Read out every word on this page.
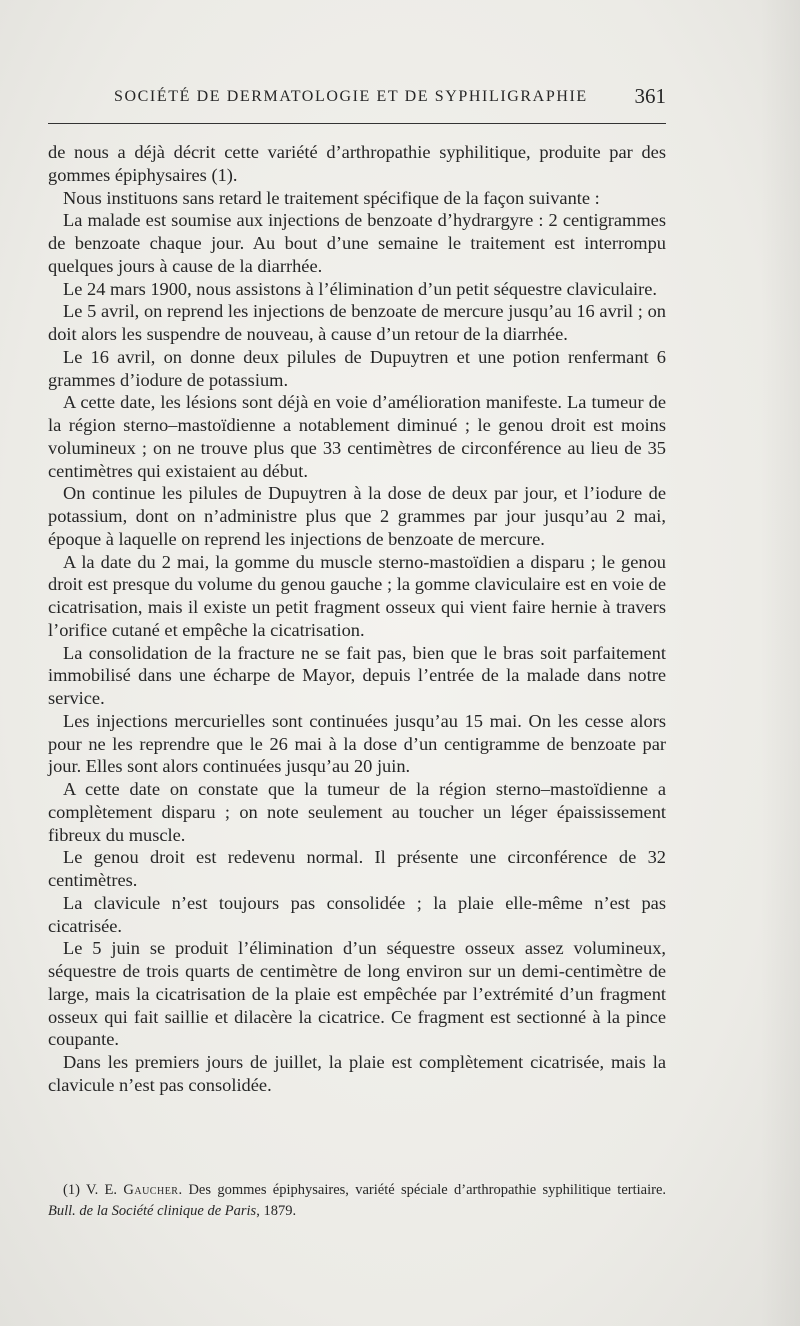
SOCIÉTÉ DE DERMATOLOGIE ET DE SYPHILIGRAPHIE 361

de nous a déjà décrit cette variété d’arthropathie syphilitique, produite par des gommes épiphysaires (1).

Nous instituons sans retard le traitement spécifique de la façon suivante :

La malade est soumise aux injections de benzoate d’hydrargyre : 2 centigrammes de benzoate chaque jour. Au bout d’une semaine le traitement est interrompu quelques jours à cause de la diarrhée.

Le 24 mars 1900, nous assistons à l’élimination d’un petit séquestre claviculaire.

Le 5 avril, on reprend les injections de benzoate de mercure jusqu’au 16 avril ; on doit alors les suspendre de nouveau, à cause d’un retour de la diarrhée.

Le 16 avril, on donne deux pilules de Dupuytren et une potion renfermant 6 grammes d’iodure de potassium.

A cette date, les lésions sont déjà en voie d’amélioration manifeste. La tumeur de la région sterno–mastoïdienne a notablement diminué ; le genou droit est moins volumineux ; on ne trouve plus que 33 centimètres de circonférence au lieu de 35 centimètres qui existaient au début.

On continue les pilules de Dupuytren à la dose de deux par jour, et l’iodure de potassium, dont on n’administre plus que 2 grammes par jour jusqu’au 2 mai, époque à laquelle on reprend les injections de benzoate de mercure.

A la date du 2 mai, la gomme du muscle sterno-mastoïdien a disparu ; le genou droit est presque du volume du genou gauche ; la gomme claviculaire est en voie de cicatrisation, mais il existe un petit fragment osseux qui vient faire hernie à travers l’orifice cutané et empêche la cicatrisation.

La consolidation de la fracture ne se fait pas, bien que le bras soit parfaitement immobilisé dans une écharpe de Mayor, depuis l’entrée de la malade dans notre service.

Les injections mercurielles sont continuées jusqu’au 15 mai. On les cesse alors pour ne les reprendre que le 26 mai à la dose d’un centigramme de benzoate par jour. Elles sont alors continuées jusqu’au 20 juin.

A cette date on constate que la tumeur de la région sterno–mastoïdienne a complètement disparu ; on note seulement au toucher un léger épaississement fibreux du muscle.

Le genou droit est redevenu normal. Il présente une circonférence de 32 centimètres.

La clavicule n’est toujours pas consolidée ; la plaie elle-même n’est pas cicatrisée.

Le 5 juin se produit l’élimination d’un séquestre osseux assez volumineux, séquestre de trois quarts de centimètre de long environ sur un demi-centimètre de large, mais la cicatrisation de la plaie est empêchée par l’extrémité d’un fragment osseux qui fait saillie et dilacère la cicatrice. Ce fragment est sectionné à la pince coupante.

Dans les premiers jours de juillet, la plaie est complètement cicatrisée, mais la clavicule n’est pas consolidée.

(1) V. E. Gaucher. Des gommes épiphysaires, variété spéciale d’arthropathie syphilitique tertiaire. Bull. de la Société clinique de Paris, 1879.
